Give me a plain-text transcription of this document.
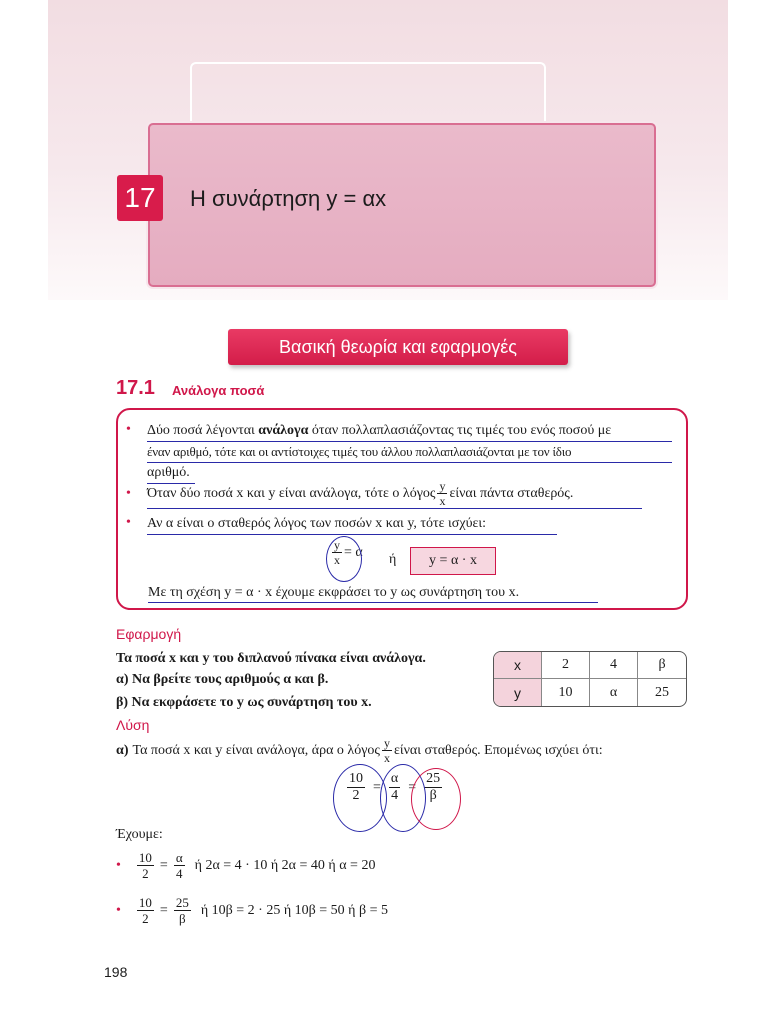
17	Η συνάρτηση y = αx
Βασική θεωρία και εφαρμογές
17.1 Ανάλογα ποσά
• Δύο ποσά λέγονται ανάλογα όταν πολλαπλασιάζοντας τις τιμές του ενός ποσού με
έναν αριθμό, τότε και οι αντίστοιχες τιμές του άλλου πολλαπλασιάζονται με τον ίδιο
αριθμό.
• Όταν δύο ποσά x και y είναι ανάλογα, τότε ο λόγος $\frac{y}{x}$ είναι πάντα σταθερός.
• Αν α είναι ο σταθερός λόγος των ποσών x και y, τότε ισχύει:
$\frac{y}{x} = \alpha$ ή	y = α · x
Με τη σχέση y = α · x έχουμε εκφράσει το y ως συνάρτηση του x.
Εφαρμογή
Τα ποσά x και y του διπλανού πίνακα είναι ανάλογα.
α) Να βρείτε τους αριθμούς α και β.
β) Να εκφράσετε το y ως συνάρτηση του x.
x	2	4	β
y	10	α	25
Λύση
α) Τα ποσά x και y είναι ανάλογα, άρα ο λόγος $\frac{y}{x}$ είναι σταθερός. Επομένως ισχύει ότι:
$\frac{10}{2} = \frac{\alpha}{4} = \frac{25}{\beta}$
Έχουμε:
• $\frac{10}{2} = \frac{\alpha}{4}$ ή 2α = 4 · 10 ή 2α = 40 ή α = 20
• $\frac{10}{2} = \frac{25}{\beta}$ ή 10β = 2 · 25 ή 10β = 50 ή β = 5
198
